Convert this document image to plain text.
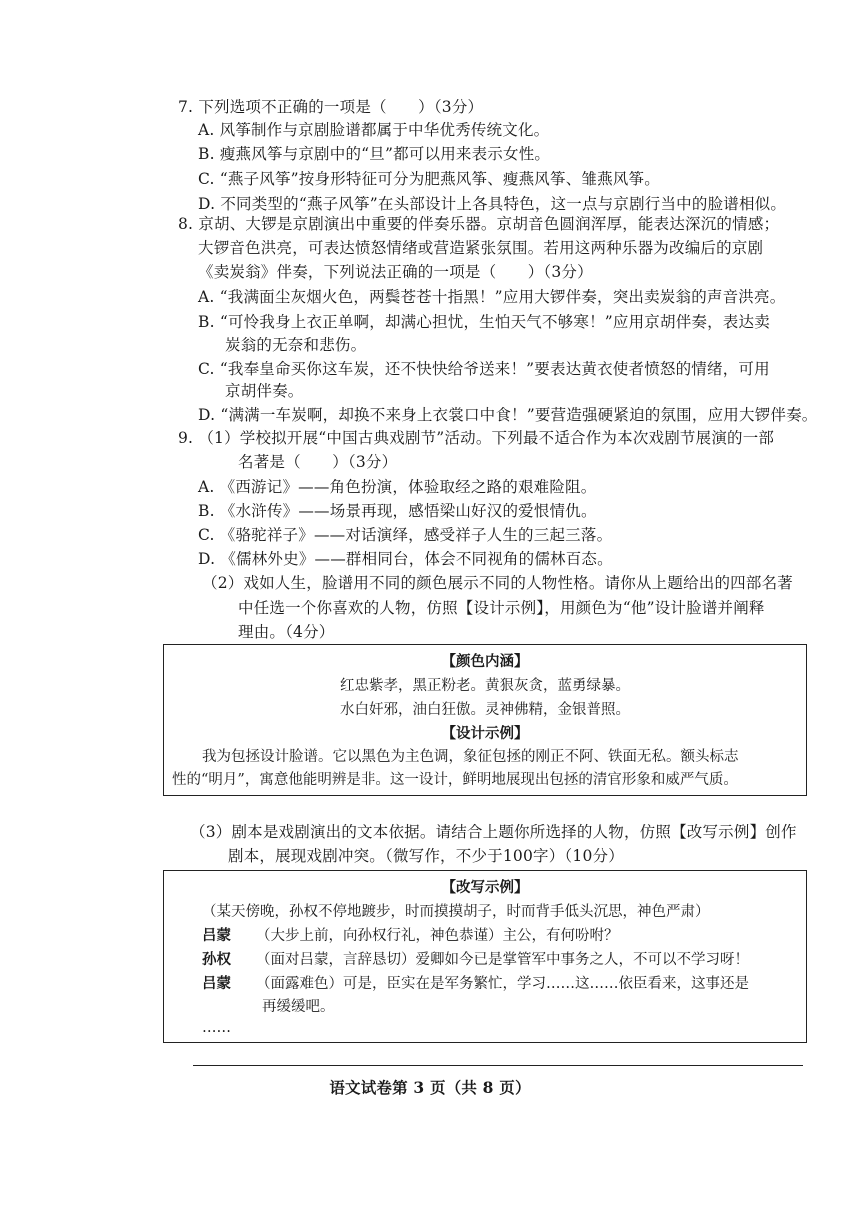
7. 下列选项不正确的一项是（　　）（3分）
A. 风筝制作与京剧脸谱都属于中华优秀传统文化。
B. 瘦燕风筝与京剧中的“旦”都可以用来表示女性。
C. “燕子风筝”按身形特征可分为肥燕风筝、瘦燕风筝、雏燕风筝。
D. 不同类型的“燕子风筝”在头部设计上各具特色，这一点与京剧行当中的脸谱相似。
8. 京胡、大锣是京剧演出中重要的伴奏乐器。京胡音色圆润浑厚，能表达深沉的情感；
大锣音色洪亮，可表达愤怒情绪或营造紧张氛围。若用这两种乐器为改编后的京剧
《卖炭翁》伴奏，下列说法正确的一项是（　　）（3分）
A. “我满面尘灰烟火色，两鬓苍苍十指黑！”应用大锣伴奏，突出卖炭翁的声音洪亮。
B. “可怜我身上衣正单啊，却满心担忧，生怕天气不够寒！”应用京胡伴奏，表达卖
炭翁的无奈和悲伤。
C. “我奉皇命买你这车炭，还不快快给爷送来！”要表达黄衣使者愤怒的情绪，可用
京胡伴奏。
D. “满满一车炭啊，却换不来身上衣裳口中食！”要营造强硬紧迫的氛围，应用大锣伴奏。
9. （1）学校拟开展“中国古典戏剧节”活动。下列最不适合作为本次戏剧节展演的一部
名著是（　　）（3分）
A. 《西游记》——角色扮演，体验取经之路的艰难险阻。
B. 《水浒传》——场景再现，感悟梁山好汉的爱恨情仇。
C. 《骆驼祥子》——对话演绎，感受祥子人生的三起三落。
D. 《儒林外史》——群相同台，体会不同视角的儒林百态。
（2）戏如人生，脸谱用不同的颜色展示不同的人物性格。请你从上题给出的四部名著
中任选一个你喜欢的人物，仿照【设计示例】，用颜色为“他”设计脸谱并阐释
理由。（4分）
【颜色内涵】
红忠紫孝，黑正粉老。黄狠灰贪，蓝勇绿暴。
水白奸邪，油白狂傲。灵神佛精，金银普照。
【设计示例】
我为包拯设计脸谱。它以黑色为主色调，象征包拯的刚正不阿、铁面无私。额头标志
性的“明月”，寓意他能明辨是非。这一设计，鲜明地展现出包拯的清官形象和威严气质。
（3）剧本是戏剧演出的文本依据。请结合上题你所选择的人物，仿照【改写示例】创作
剧本，展现戏剧冲突。（微写作，不少于100字）（10分）
【改写示例】
（某天傍晚，孙权不停地踱步，时而摸摸胡子，时而背手低头沉思，神色严肃）
吕蒙 （大步上前，向孙权行礼，神色恭谨）主公，有何吩咐？
孙权 （面对吕蒙，言辞恳切）爱卿如今已是掌管军中事务之人，不可以不学习呀！
吕蒙 （面露难色）可是，臣实在是军务繁忙，学习……这……依臣看来，这事还是
再缓缓吧。
……
语文试卷第 3 页（共 8 页）
